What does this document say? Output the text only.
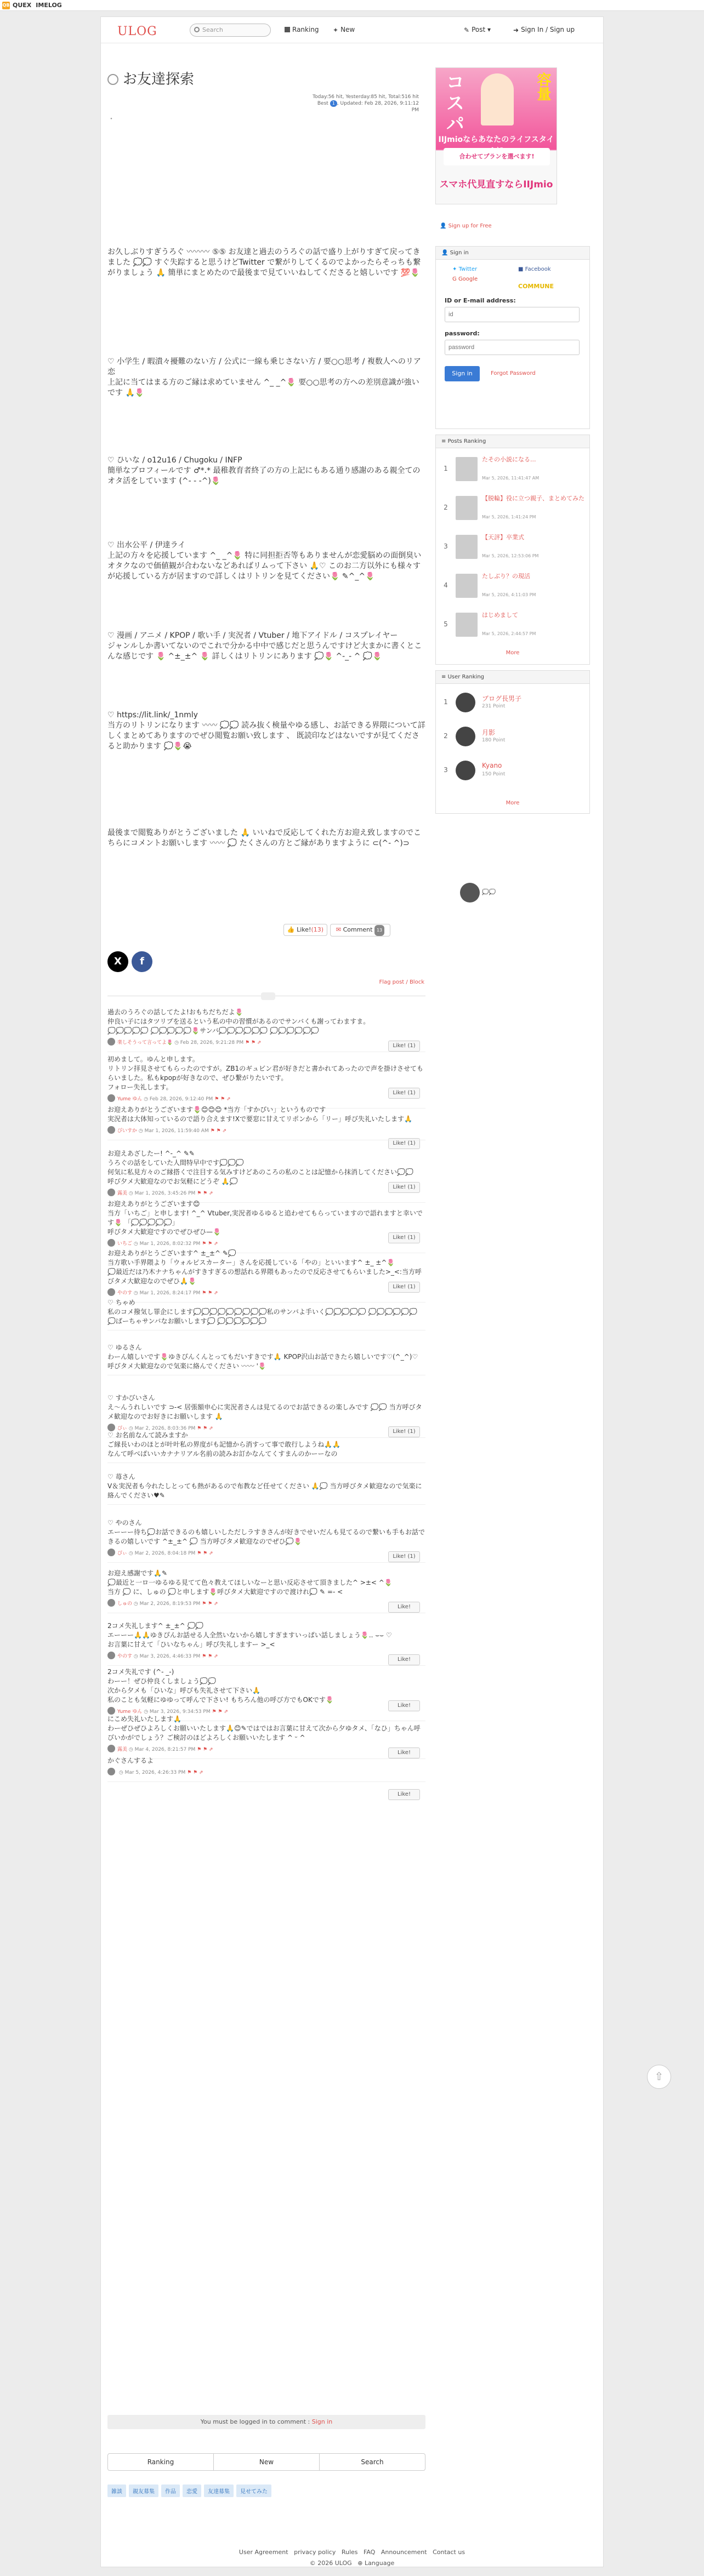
QB QUEX IMELOG
ULOG	Search	Ranking ✦ New	✎ Post ▾	➜ Sign In / Sign up
お友達探索
Today:56 hit, Yesterday:85 hit, Total:516 hit
Best 1 , Updated: Feb 28, 2026, 9:11:12 PM
・
お久しぶりすぎうろぐ 〰〰〰 ⑤⑤ お友達と過去のうろぐの話で盛り上がりすぎて戻ってきました 💭💭 すぐ失踪すると思うけどTwitter で繋がりしてくるのでよかったらそっちも繋がりましょう 🙏 簡単にまとめたので最後まで見ていいねしてくださると嬉しいです 💯🌷
♡ 小学生 / 暇潰々擾難のない方 / 公式に一線も乗じさない方 / 要○○思考 / 複数人へのリア恋
上記に当てはまる方のご縁は求めていません ^_ _^🌷 要○○思考の方への差別意識が強いです 🙏🌷
♡ ひいな / o12u16 / Chugoku / INFP
簡単なプロフィールです ♂*.* 最稚教育者終了の方の上記にもある通り感謝のある親全てのオタ活をしています (^- - -^)🌷
♡ 出水公平 / 伊達ライ
上記の方々を応援しています ^_ _^🌷 特に同担拒否等もありませんが恋愛脳めの面倒臭いオタクなので価値観が合わないなどあればリムって下さい 🙏♡ このお二方以外にも様々すが応援している方が居ますので詳しくはリトリンを見てください🌷 ✎^_^🌷
♡ 漫画 / アニメ / KPOP / 歌い手 / 実況者 / Vtuber / 地下アイドル / コスプレイヤー
ジャンルしか書いてないのでこれで分かる中中で感じだと思うんですけど大まかに書くとこんな感じです 🌷 ^±_±^ 🌷 詳しくはリトリンにあります 💭🌷 ^-_- ^ 💭🌷
♡ https://lit.link/_1nmly
当方のリトリンになります 〰〰 💭💭 読み抜く検量やゆる感し、お話できる界隈について詳しくまとめてありますのでぜひ閲覧お願い致します 、 既読印などはないですが見てくださると助かります 💭🌷😭
最後まで閲覧ありがとうございました 🙏 いいねで反応してくれた方お迎え致しますのでこちらにコメントお願いします 〰〰 💭 たくさんの方とご縁がありますように ⊂(^- ^)⊃
💭💭
👍 Like!(13)	✉ Comment 13
X	f
Flag post / Block
過去のうろぐの話してたよ!おもちだちだよ🌷
仲良い子にはタツリプを送るという私の中の習慣があるのでサンバくも謝ってわますま。
💭💭💭💭💭 💭💭💭💭💭🌷サンバ💭💭💭💭💭💭 💭💭💭💭💭💭
楽しそうって言ってよ🌷 ◷ Feb 28, 2026, 9:21:28 PM ⚑ ⚑ ⇗	Like! (1)
初めまして。ゆんと申します。
リトリン拝見させてもらったのですが。ZB1のギュビン君が好きだと書かれてあったので声を掛けさせてもらいました。私もkpopが好きなので、ぜひ繋がりたいです。
フォロー失礼します。
Yume ゆん ◷ Feb 28, 2026, 9:12:40 PM ⚑ ⚑ ⇗
Like! (1)
お迎えありがとうございます🌷😊😊😊 *当方「すかびい」というものです
実況者は大体知っているので語り合えます!Xで要窓に甘えてリポンから「リー」呼び失礼いたします🙏
びいすか ◷ Mar 1, 2026, 11:59:40 AM ⚑ ⚑ ⇗
Like! (1)
お迎えあざしたー! ^-_^ ✎✎
うろぐの話をしていた人間特早中です💭💭💭
何気に私見方々のご縁搭くで注目する気みすけどあのころの私のことは記憶から抹消してください💭💭
呼び夕メ大歓迎なのでお気軽にどうぞ 🙏💭
露美 ◷ Mar 1, 2026, 3:45:26 PM ⚑ ⚑ ⇗
Like! (1)
お迎えありがとうございます😊
当方「いちご」と申します! ^_^ Vtuber,実況者ゆるゆると追わせてもらっていますので語れますと幸いです🌷 「💭💭💭💭💭」
呼びタメ大歓迎ですのでぜひぜひ—🌷
いちご ◷ Mar 1, 2026, 8:02:32 PM ⚑ ⚑ ⇗
Like! (1)
お迎えありがとうございます^ ±_±^ ✎💭
当方歌い手界隈より「ウォルピスカーター」さんを応援している「やの」といいます^ ±_ ±^🌷
💭最近だは乃木ナナちゃんがすきすぎるの想話れる界隈もあったので反応させてもらいました>_<:当方呼びタメ大歓迎なのでぜひ🙏🌷
やのす ◷ Mar 1, 2026, 8:24:17 PM ⚑ ⚑ ⇗
Like! (1)
♡ ちゃめ
私のコメ撥気し罪企にします💭💭💭💭💭💭💭💭💭私のサンバよ手いく💭💭💭💭💭 💭💭💭💭💭💭💭ばーちゃサンバなお願いします💭 💭💭💭💭💭💭
♡ ゆるさん
わーん嬉しいです🌷ゆきぴんくんとってもだいすきです🙏 KPOP沢山お話できたら嬉しいです♡(^_^)♡
呼びタメ大歓迎なので気楽に絡んでください 〰〰 '🌷
♡ すかびいさん
え〜んうれしいです ⊃-< 居張額申心に実況者さんは見てるのでお話できるの楽しみです 💭💭 当方呼びタメ歓迎なのでお好きにお願いします 🙏
ぴぃ ◷ Mar 2, 2026, 8:03:36 PM ⚑ ⚑ ⇗	Like! (1)
♡ お名前なんて読みますか
ご縁長いわのほとが叶叶私の界度がも記憶から消すって事で敢行しようね🙏🙏
なんて呼べばいいカナナリアル名前の読みお訂かなんてくすまんのかーーなの
♡ 苺さん
V＆実況者も今れたしとっても熱があるので布教など任せてください 🙏💭 当方呼びタメ歓迎なので気楽に絡んでください♥✎
♡ やのさん
エーーー待ち💭お話できるのも嬉しいしただしラすきさんが好きでせいだんも見てるので繋いも手もお話できるの嬉しいです ^±_±^ 💭 当方呼びタメ歓迎なのでぜひ💭🌷
ぴぃ ◷ Mar 2, 2026, 8:04:18 PM ⚑ ⚑ ⇗	Like! (1)
お迎え感謝です🙏✎
💭最近と一ロ一ゆるゆる見てて色々教えてほしいなーと思い反応させて頂きました^ >±< ^🌷
当方 💭 に、しゅの 💭と申します🌷呼びタメ大歓迎ですので渡けれ💭 ✎ =- <
しゅの ◷ Mar 2, 2026, 8:19:53 PM ⚑ ⚑ ⇗	Like!
2コメ失礼します^ ±_±^ 💭💭
エーーー🙏🙏ゆきぴんお話せる人全然いないから嬉しすぎますいっぱい話しましょう🌷.. ⌣⌣ ♡
お言葉に甘えて「ひいなちゃん」呼び失礼しますー >_<
やのす ◷ Mar 3, 2026, 4:46:33 PM ⚑ ⚑ ⇗	Like!
2コメ失礼です (^- _-)
わーー！ぜひ仲良くしましょう💭💭
次から夕メも「ひいな」呼びも失礼させて下さい🙏
私のことも気軽にゆゆって呼んで下さい! もちろん他の呼び方でもOKです🌷
Yume ゆん ◷ Mar 3, 2026, 9:34:53 PM ⚑ ⚑ ⇗
Like!
にこめ失礼いたします🙏
わーぜひぜひよろしくお願いいたします🙏😊✎ではではお言葉に甘えて次から夕ゆタメ、「なひ」ちゃん呼びいかがでしょう？ご検討のほどよろしくお願いいたします ^ ᵕ ^
露美 ◷ Mar 4, 2026, 8:21:57 PM ⚑ ⚑ ⇗	Like!
かぐさんするよ
◷ Mar 5, 2026, 4:26:33 PM ⚑ ⚑ ⇗
Like!
You must be logged in to comment : Sign in
Ranking	New	Search
雑談 親友募集 作品 恋愛 友達募集 見せてみた
User Agreement privacy policy Rules FAQ Announcement Contact us
© 2026 ULOG ⊕ Language
コスパ	容量
IIJmioならあなたのライフスタイ
合わせてプランを選べます!
スマホ代見直すならIIJmio
👤 Sign up for Free
👤 Sign in
✦ Twitter	■ Facebook
G Google
COMMUNE
ID or E-mail address:
id
password:
password
Sign in	Forgot Password
≡ Posts Ranking
1
たその小説になる...
Mar 5, 2026, 11:41:47 AM
2
【脱輪】役に立つ親子、まとめてみた
Mar 5, 2026, 1:41:24 PM
3
【天評】卒業式
Mar 5, 2026, 12:53:06 PM
4
たしぶり？の現活
Mar 5, 2026, 4:11:03 PM
5
はじめまして
Mar 5, 2026, 2:44:57 PM
More
≡ User Ranking
1	ブログ長男子
231 Point
2	月影
180 Point
3
Kyano
150 Point
More
⇧
